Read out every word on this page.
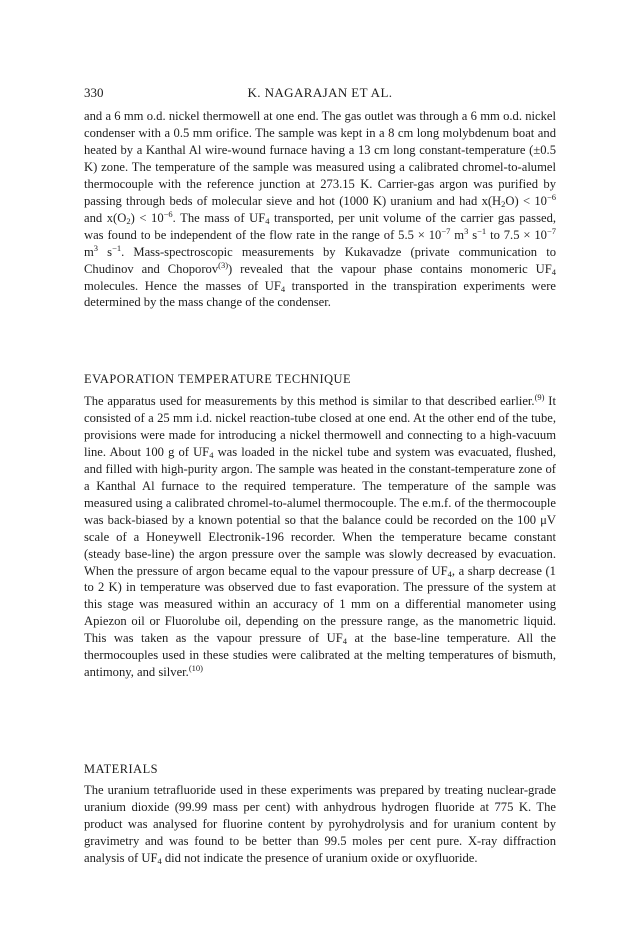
330	K. NAGARAJAN ET AL.
and a 6 mm o.d. nickel thermowell at one end. The gas outlet was through a 6 mm o.d. nickel condenser with a 0.5 mm orifice. The sample was kept in a 8 cm long molybdenum boat and heated by a Kanthal Al wire-wound furnace having a 13 cm long constant-temperature (±0.5 K) zone. The temperature of the sample was measured using a calibrated chromel-to-alumel thermocouple with the reference junction at 273.15 K. Carrier-gas argon was purified by passing through beds of molecular sieve and hot (1000 K) uranium and had $x(H_2O) < 10^{-6}$ and $x(O_2) < 10^{-6}$. The mass of $UF_4$ transported, per unit volume of the carrier gas passed, was found to be independent of the flow rate in the range of $5.5 \times 10^{-7}$ $m^3$ $s^{-1}$ to $7.5 \times 10^{-7}$ $m^3$ $s^{-1}$. Mass-spectroscopic measurements by Kukavadze (private communication to Chudinov and Choporov$^{(3)}$) revealed that the vapour phase contains monomeric $UF_4$ molecules. Hence the masses of $UF_4$ transported in the transpiration experiments were determined by the mass change of the condenser.
EVAPORATION TEMPERATURE TECHNIQUE
The apparatus used for measurements by this method is similar to that described earlier.$^{(9)}$ It consisted of a 25 mm i.d. nickel reaction-tube closed at one end. At the other end of the tube, provisions were made for introducing a nickel thermowell and connecting to a high-vacuum line. About 100 g of $UF_4$ was loaded in the nickel tube and system was evacuated, flushed, and filled with high-purity argon. The sample was heated in the constant-temperature zone of a Kanthal Al furnace to the required temperature. The temperature of the sample was measured using a calibrated chromel-to-alumel thermocouple. The e.m.f. of the thermocouple was back-biased by a known potential so that the balance could be recorded on the 100 μV scale of a Honeywell Electronik-196 recorder. When the temperature became constant (steady base-line) the argon pressure over the sample was slowly decreased by evacuation. When the pressure of argon became equal to the vapour pressure of $UF_4$, a sharp decrease (1 to 2 K) in temperature was observed due to fast evaporation. The pressure of the system at this stage was measured within an accuracy of 1 mm on a differential manometer using Apiezon oil or Fluorolube oil, depending on the pressure range, as the manometric liquid. This was taken as the vapour pressure of $UF_4$ at the base-line temperature. All the thermocouples used in these studies were calibrated at the melting temperatures of bismuth, antimony, and silver.$^{(10)}$
MATERIALS
The uranium tetrafluoride used in these experiments was prepared by treating nuclear-grade uranium dioxide (99.99 mass per cent) with anhydrous hydrogen fluoride at 775 K. The product was analysed for fluorine content by pyrohydrolysis and for uranium content by gravimetry and was found to be better than 99.5 moles per cent pure. X-ray diffraction analysis of $UF_4$ did not indicate the presence of uranium oxide or oxyfluoride.
